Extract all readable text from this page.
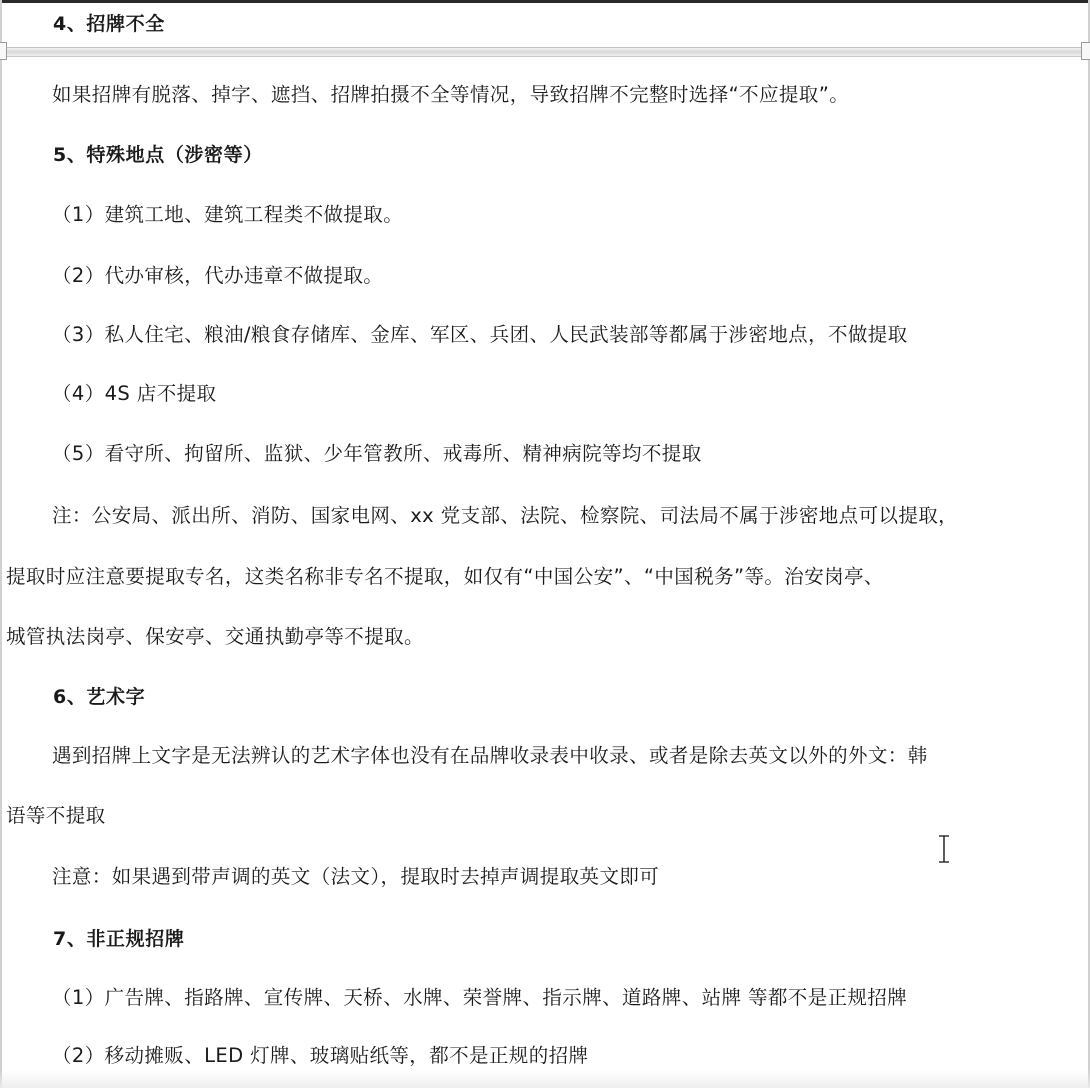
4、招牌不全
如果招牌有脱落、掉字、遮挡、招牌拍摄不全等情况，导致招牌不完整时选择“不应提取”。
5、特殊地点（涉密等）
（1）建筑工地、建筑工程类不做提取。
（2）代办审核，代办违章不做提取。
（3）私人住宅、粮油/粮食存储库、金库、军区、兵团、人民武装部等都属于涉密地点，不做提取
（4）4S 店不提取
（5）看守所、拘留所、监狱、少年管教所、戒毒所、精神病院等均不提取
注：公安局、派出所、消防、国家电网、xx 党支部、法院、检察院、司法局不属于涉密地点可以提取，
提取时应注意要提取专名，这类名称非专名不提取，如仅有“中国公安”、“中国税务”等。治安岗亭、
城管执法岗亭、保安亭、交通执勤亭等不提取。
6、艺术字
遇到招牌上文字是无法辨认的艺术字体也没有在品牌收录表中收录、或者是除去英文以外的外文：韩
语等不提取
注意：如果遇到带声调的英文（法文），提取时去掉声调提取英文即可
7、非正规招牌
（1）广告牌、指路牌、宣传牌、天桥、水牌、荣誉牌、指示牌、道路牌、站牌 等都不是正规招牌
（2）移动摊贩、LED 灯牌、玻璃贴纸等，都不是正规的招牌
